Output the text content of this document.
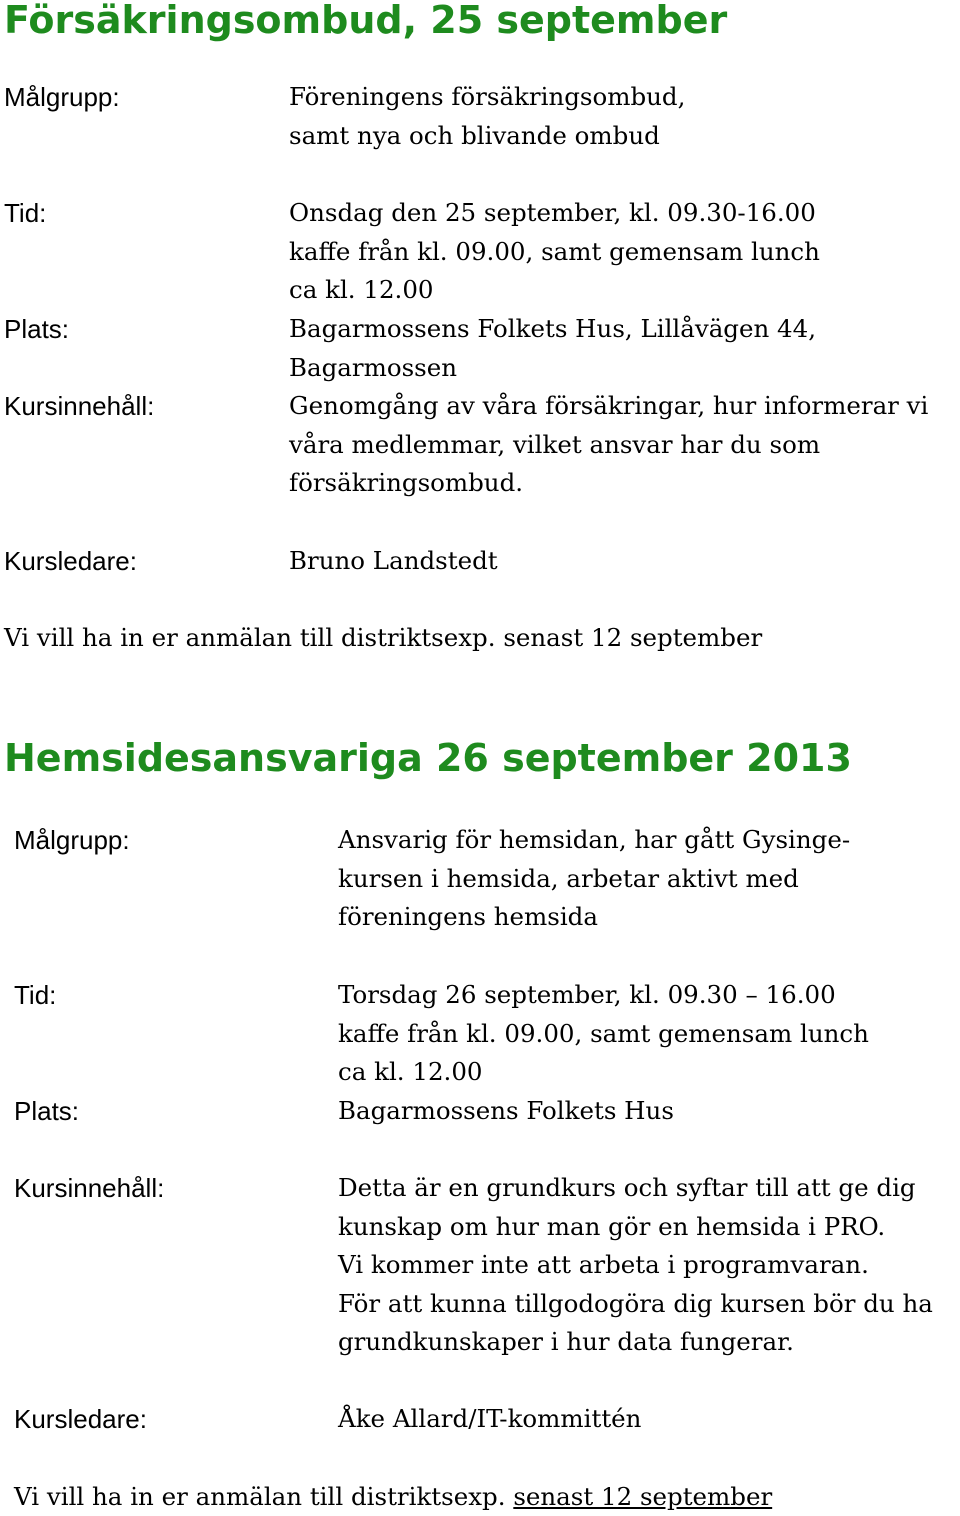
Försäkringsombud, 25 september
Målgrupp:	Föreningens försäkringsombud,
samt nya och blivande ombud
Tid:	Onsdag den 25 september, kl. 09.30-16.00
kaffe från kl. 09.00, samt gemensam lunch
ca kl. 12.00
Plats:	Bagarmossens Folkets Hus, Lillåvägen 44,
Bagarmossen
Kursinnehåll:	Genomgång av våra försäkringar, hur informerar vi
våra medlemmar, vilket ansvar har du som
försäkringsombud.
Kursledare:	Bruno Landstedt
Vi vill ha in er anmälan till distriktsexp. senast 12 september
Hemsidesansvariga 26 september 2013
Målgrupp:	Ansvarig för hemsidan, har gått Gysinge-
kursen i hemsida, arbetar aktivt med
föreningens hemsida
Tid:	Torsdag 26 september, kl. 09.30 – 16.00
kaffe från kl. 09.00, samt gemensam lunch
ca kl. 12.00
Plats:	Bagarmossens Folkets Hus
Kursinnehåll:	Detta är en grundkurs och syftar till att ge dig
kunskap om hur man gör en hemsida i PRO.
Vi kommer inte att arbeta i programvaran.
För att kunna tillgodogöra dig kursen bör du ha
grundkunskaper i hur data fungerar.
Kursledare:	Åke Allard/IT-kommittén
Vi vill ha in er anmälan till distriktsexp. senast 12 september
